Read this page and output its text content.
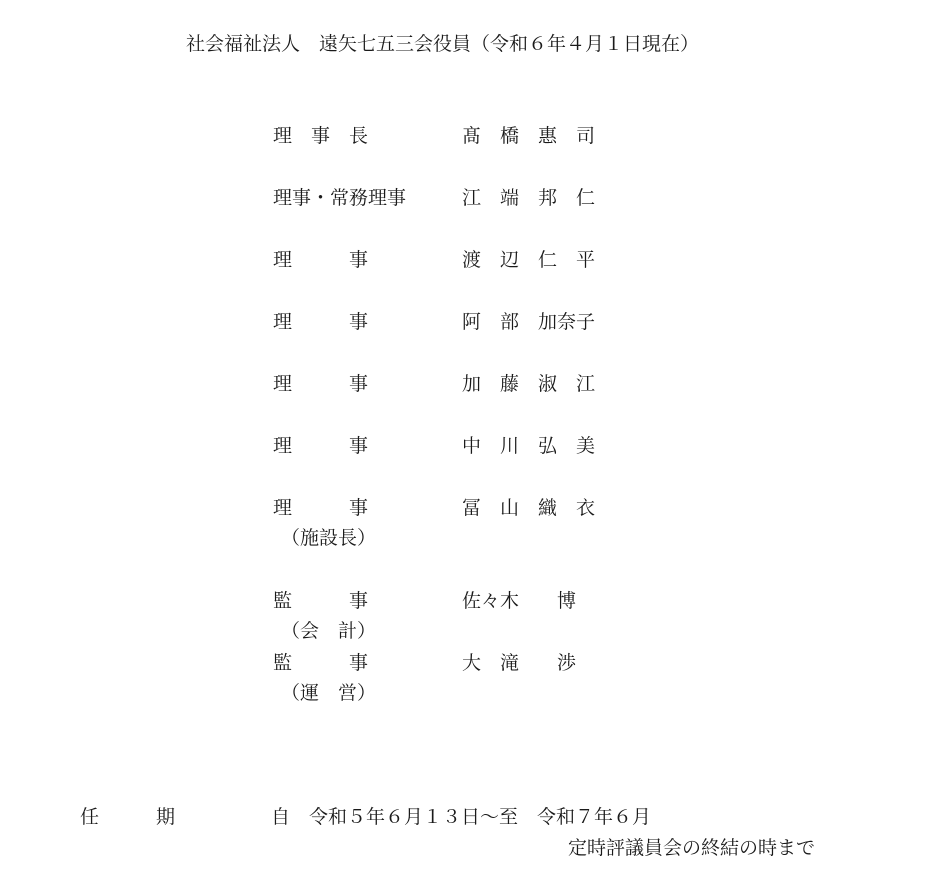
社会福祉法人　遠矢七五三会役員（令和６年４月１日現在）
理　事　長	髙　橋　惠　司
理事・常務理事	江　端　邦　仁
理　　　事	渡　辺　仁　平
理　　　事	阿　部　加奈子
理　　　事	加　藤　淑　江
理　　　事	中　川　弘　美
理　　　事	冨　山　織　衣
（施設長）
監　　　事	佐々木　　博
（会　計）
監　　　事	大　滝　　渉
（運　営）
任　　　期	自　令和５年６月１３日～至　令和７年６月
定時評議員会の終結の時まで
